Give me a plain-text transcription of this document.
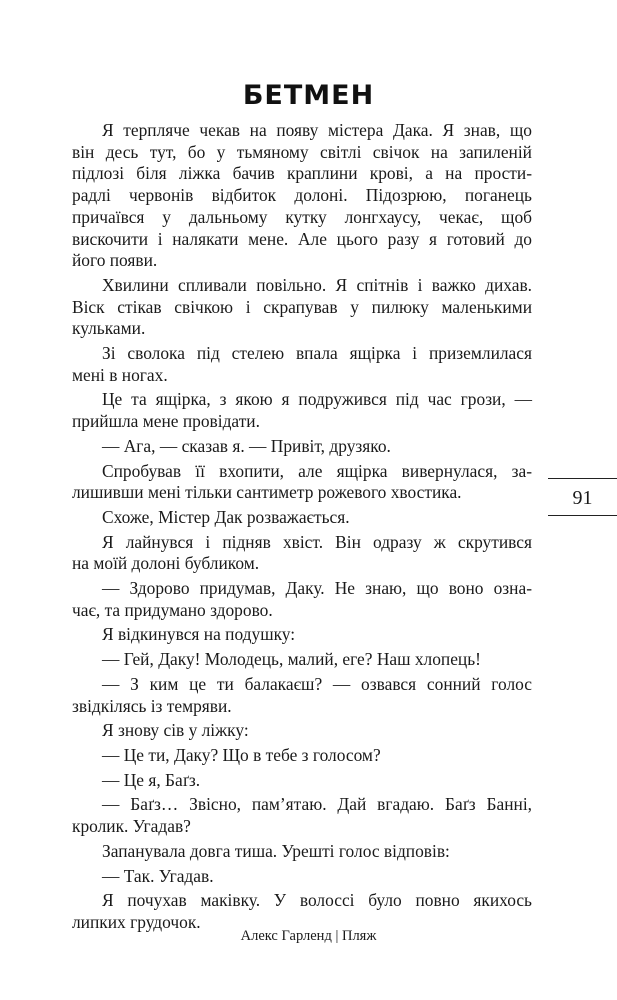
БЕТМЕН
Я терпляче чекав на появу містера Дака. Я знав, що
він десь тут, бо у тьмяному світлі свічок на запиленій
підлозі біля ліжка бачив краплини крові, а на прости-
радлі червонів відбиток долоні. Підозрюю, поганець
причаївся у дальньому кутку лонгхаусу, чекає, щоб
вискочити і налякати мене. Але цього разу я готовий до
його появи.
Хвилини спливали повільно. Я спітнів і важко дихав.
Віск стікав свічкою і скрапував у пилюку маленькими
кульками.
Зі сволока під стелею впала ящірка і приземлилася
мені в ногах.
Це та ящірка, з якою я подружився під час грози, —
прийшла мене провідати.
— Ага, — сказав я. — Привіт, друзяко.
Спробував її вхопити, але ящірка вивернулася, за-
лишивши мені тільки сантиметр рожевого хвостика.
Схоже, Містер Дак розважається.
Я лайнувся і підняв хвіст. Він одразу ж скрутився
на моїй долоні бубликом.
— Здорово придумав, Даку. Не знаю, що воно озна-
чає, та придумано здорово.
Я відкинувся на подушку:
— Гей, Даку! Молодець, малий, еге? Наш хлопець!
— З ким це ти балакаєш? — озвався сонний голос
звідкілясь із темряви.
Я знову сів у ліжку:
— Це ти, Даку? Що в тебе з голосом?
— Це я, Баґз.
— Баґз… Звісно, пам’ятаю. Дай вгадаю. Баґз Банні,
кролик. Угадав?
Запанувала довга тиша. Урешті голос відповів:
— Так. Угадав.
Я почухав маківку. У волоссі було повно якихось
липких грудочок.
91
Алекс Гарленд | Пляж
